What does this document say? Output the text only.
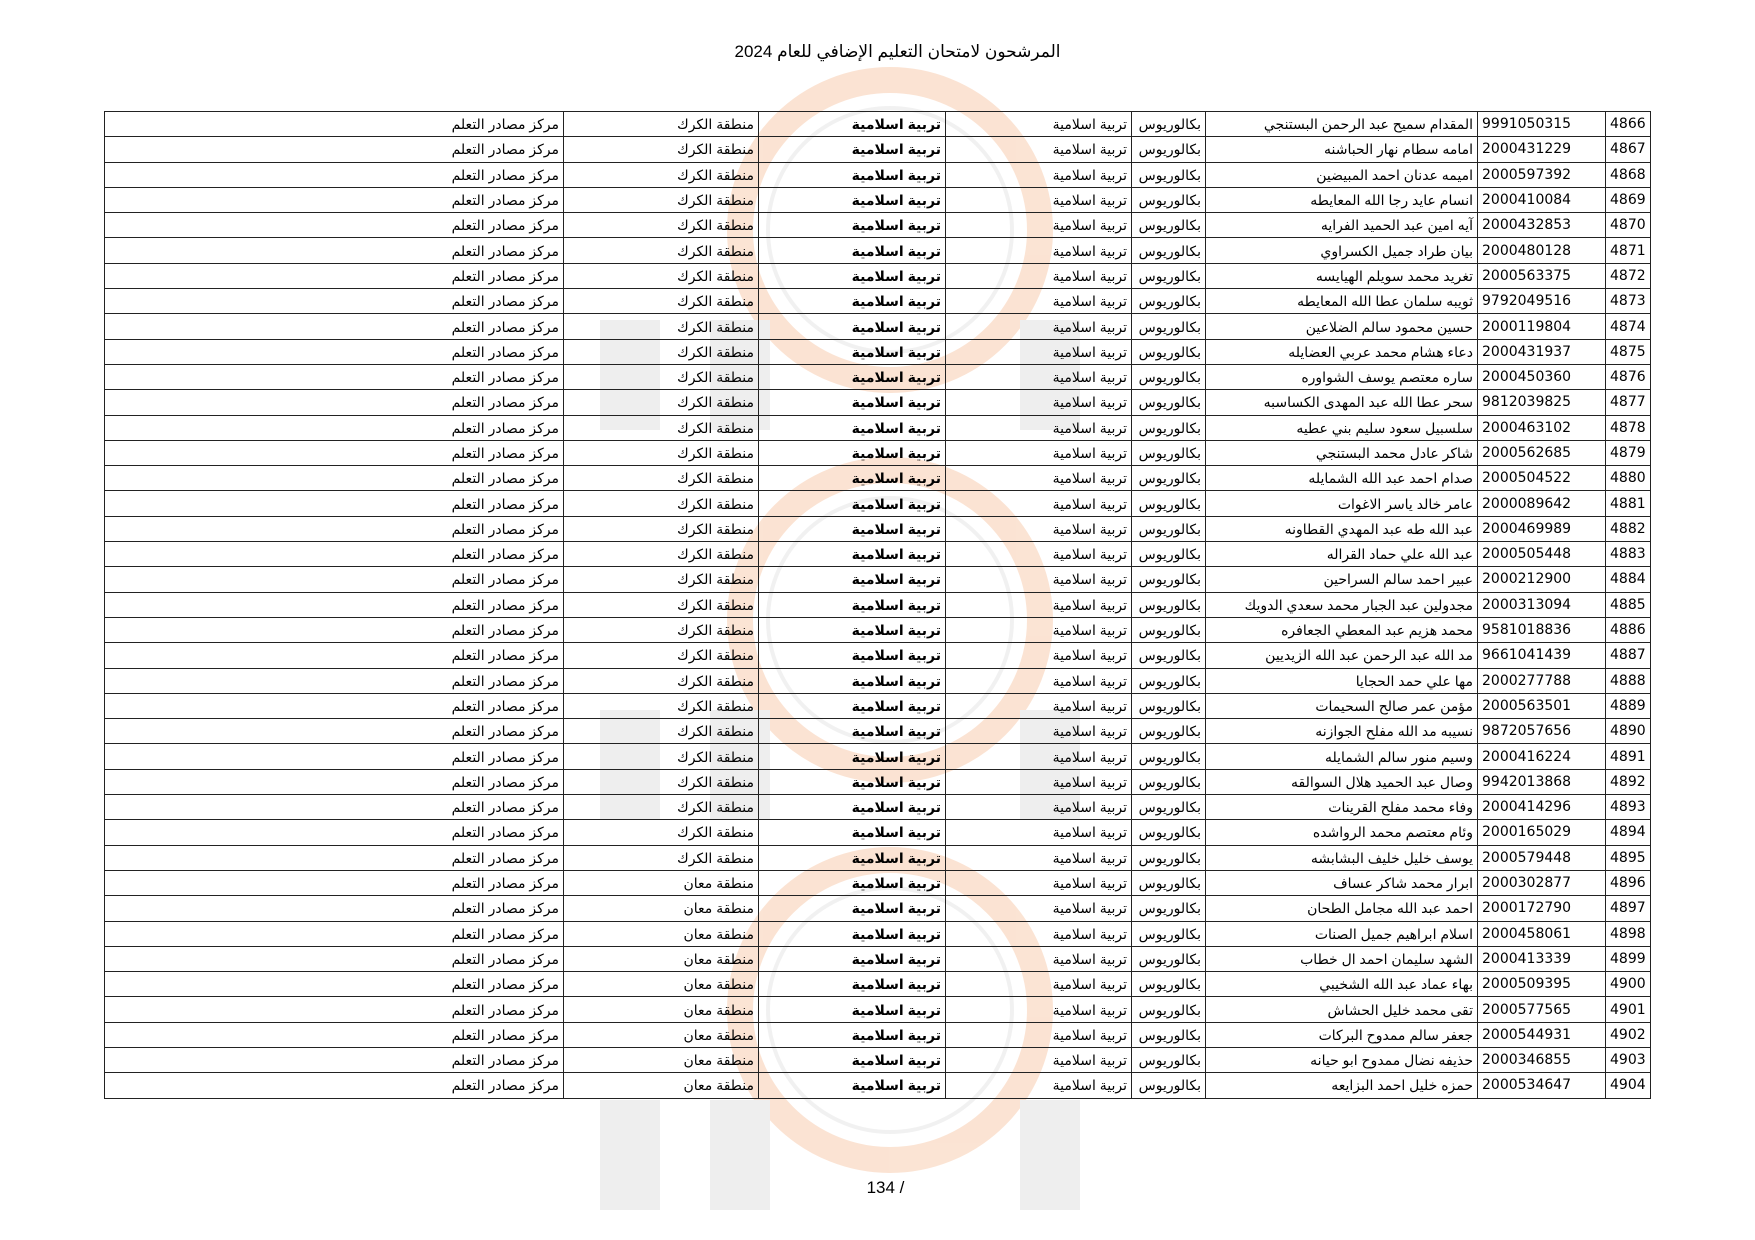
المرشحون لامتحان التعليم الإضافي للعام 2024
4866	9991050315	المقدام سميح عبد الرحمن البستنجي	بكالوريوس	تربية اسلامية	تربية اسلامية	منطقة الكرك	مركز مصادر التعلم
4867	2000431229	امامه سطام نهار الحباشنه	بكالوريوس	تربية اسلامية	تربية اسلامية	منطقة الكرك	مركز مصادر التعلم
4868	2000597392	اميمه عدنان احمد المبيضين	بكالوريوس	تربية اسلامية	تربية اسلامية	منطقة الكرك	مركز مصادر التعلم
4869	2000410084	انسام عايد رجا الله المعايطه	بكالوريوس	تربية اسلامية	تربية اسلامية	منطقة الكرك	مركز مصادر التعلم
4870	2000432853	آيه امين عبد الحميد الفرايه	بكالوريوس	تربية اسلامية	تربية اسلامية	منطقة الكرك	مركز مصادر التعلم
4871	2000480128	بيان طراد جميل الكسراوي	بكالوريوس	تربية اسلامية	تربية اسلامية	منطقة الكرك	مركز مصادر التعلم
4872	2000563375	تغريد محمد سويلم الهيايسه	بكالوريوس	تربية اسلامية	تربية اسلامية	منطقة الكرك	مركز مصادر التعلم
4873	9792049516	ثويبه سلمان عطا الله المعايطه	بكالوريوس	تربية اسلامية	تربية اسلامية	منطقة الكرك	مركز مصادر التعلم
4874	2000119804	حسين محمود سالم الضلاعين	بكالوريوس	تربية اسلامية	تربية اسلامية	منطقة الكرك	مركز مصادر التعلم
4875	2000431937	دعاء هشام محمد عربي العضايله	بكالوريوس	تربية اسلامية	تربية اسلامية	منطقة الكرك	مركز مصادر التعلم
4876	2000450360	ساره معتصم يوسف الشواوره	بكالوريوس	تربية اسلامية	تربية اسلامية	منطقة الكرك	مركز مصادر التعلم
4877	9812039825	سحر عطا الله عبد المهدى الكساسبه	بكالوريوس	تربية اسلامية	تربية اسلامية	منطقة الكرك	مركز مصادر التعلم
4878	2000463102	سلسبيل سعود سليم بني عطيه	بكالوريوس	تربية اسلامية	تربية اسلامية	منطقة الكرك	مركز مصادر التعلم
4879	2000562685	شاكر عادل محمد البستنجي	بكالوريوس	تربية اسلامية	تربية اسلامية	منطقة الكرك	مركز مصادر التعلم
4880	2000504522	صدام احمد عبد الله الشمايله	بكالوريوس	تربية اسلامية	تربية اسلامية	منطقة الكرك	مركز مصادر التعلم
4881	2000089642	عامر خالد ياسر الاغوات	بكالوريوس	تربية اسلامية	تربية اسلامية	منطقة الكرك	مركز مصادر التعلم
4882	2000469989	عبد الله طه عبد المهدي القطاونه	بكالوريوس	تربية اسلامية	تربية اسلامية	منطقة الكرك	مركز مصادر التعلم
4883	2000505448	عبد الله علي حماد القراله	بكالوريوس	تربية اسلامية	تربية اسلامية	منطقة الكرك	مركز مصادر التعلم
4884	2000212900	عبير احمد سالم السراحين	بكالوريوس	تربية اسلامية	تربية اسلامية	منطقة الكرك	مركز مصادر التعلم
4885	2000313094	مجدولين عبد الجبار محمد سعدي الدويك	بكالوريوس	تربية اسلامية	تربية اسلامية	منطقة الكرك	مركز مصادر التعلم
4886	9581018836	محمد هزيم عبد المعطي الجعافره	بكالوريوس	تربية اسلامية	تربية اسلامية	منطقة الكرك	مركز مصادر التعلم
4887	9661041439	مد الله عبد الرحمن عبد الله الزيديين	بكالوريوس	تربية اسلامية	تربية اسلامية	منطقة الكرك	مركز مصادر التعلم
4888	2000277788	مها علي حمد الحجايا	بكالوريوس	تربية اسلامية	تربية اسلامية	منطقة الكرك	مركز مصادر التعلم
4889	2000563501	مؤمن عمر صالح السحيمات	بكالوريوس	تربية اسلامية	تربية اسلامية	منطقة الكرك	مركز مصادر التعلم
4890	9872057656	نسيبه مد الله مفلح الجوازنه	بكالوريوس	تربية اسلامية	تربية اسلامية	منطقة الكرك	مركز مصادر التعلم
4891	2000416224	وسيم منور سالم الشمايله	بكالوريوس	تربية اسلامية	تربية اسلامية	منطقة الكرك	مركز مصادر التعلم
4892	9942013868	وصال عبد الحميد هلال السوالقه	بكالوريوس	تربية اسلامية	تربية اسلامية	منطقة الكرك	مركز مصادر التعلم
4893	2000414296	وفاء محمد مفلح القرينات	بكالوريوس	تربية اسلامية	تربية اسلامية	منطقة الكرك	مركز مصادر التعلم
4894	2000165029	وئام معتصم محمد الرواشده	بكالوريوس	تربية اسلامية	تربية اسلامية	منطقة الكرك	مركز مصادر التعلم
4895	2000579448	يوسف خليل خليف البشابشه	بكالوريوس	تربية اسلامية	تربية اسلامية	منطقة الكرك	مركز مصادر التعلم
4896	2000302877	ابرار محمد شاكر عساف	بكالوريوس	تربية اسلامية	تربية اسلامية	منطقة معان	مركز مصادر التعلم
4897	2000172790	احمد عبد الله مجامل الطحان	بكالوريوس	تربية اسلامية	تربية اسلامية	منطقة معان	مركز مصادر التعلم
4898	2000458061	اسلام ابراهيم جميل الصنات	بكالوريوس	تربية اسلامية	تربية اسلامية	منطقة معان	مركز مصادر التعلم
4899	2000413339	الشهد سليمان احمد ال خطاب	بكالوريوس	تربية اسلامية	تربية اسلامية	منطقة معان	مركز مصادر التعلم
4900	2000509395	بهاء عماد عبد الله الشخيبي	بكالوريوس	تربية اسلامية	تربية اسلامية	منطقة معان	مركز مصادر التعلم
4901	2000577565	تقى محمد خليل الحشاش	بكالوريوس	تربية اسلامية	تربية اسلامية	منطقة معان	مركز مصادر التعلم
4902	2000544931	جعفر سالم ممدوح البركات	بكالوريوس	تربية اسلامية	تربية اسلامية	منطقة معان	مركز مصادر التعلم
4903	2000346855	حذيفه نضال ممدوح ابو حيانه	بكالوريوس	تربية اسلامية	تربية اسلامية	منطقة معان	مركز مصادر التعلم
4904	2000534647	حمزه خليل احمد البزايعه	بكالوريوس	تربية اسلامية	تربية اسلامية	منطقة معان	مركز مصادر التعلم
134 /
